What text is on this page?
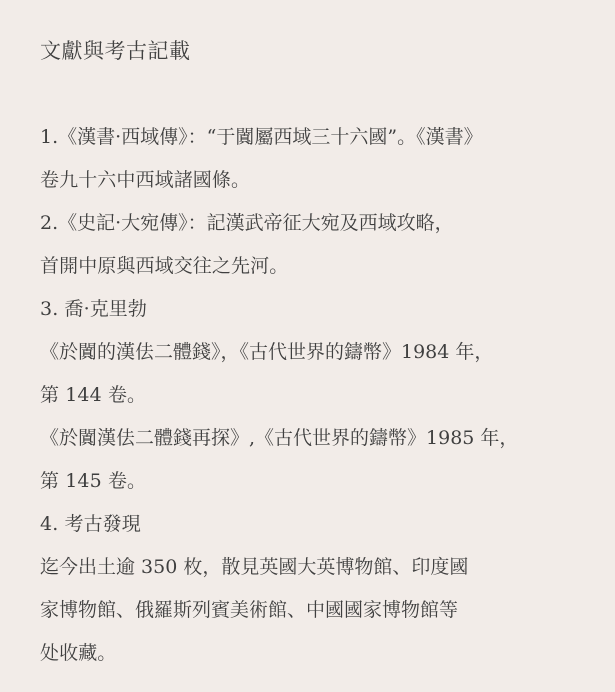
文獻與考古記載
1.《漢書·西域傳》：“于闐屬西域三十六國”。《漢書》
卷九十六中西域諸國條。
2.《史記·大宛傳》：記漢武帝征大宛及西域攻略，
首開中原與西域交往之先河。
3. 喬·克里勃
《於闐的漢佉二體錢》，《古代世界的鑄幣》1984 年，
第 144 卷。
《於闐漢佉二體錢再探》,《古代世界的鑄幣》1985 年，
第 145 卷。
4. 考古發現
迄今出土逾 350 枚，散見英國大英博物館、印度國
家博物館、俄羅斯列賓美術館、中國國家博物館等
处收藏。
